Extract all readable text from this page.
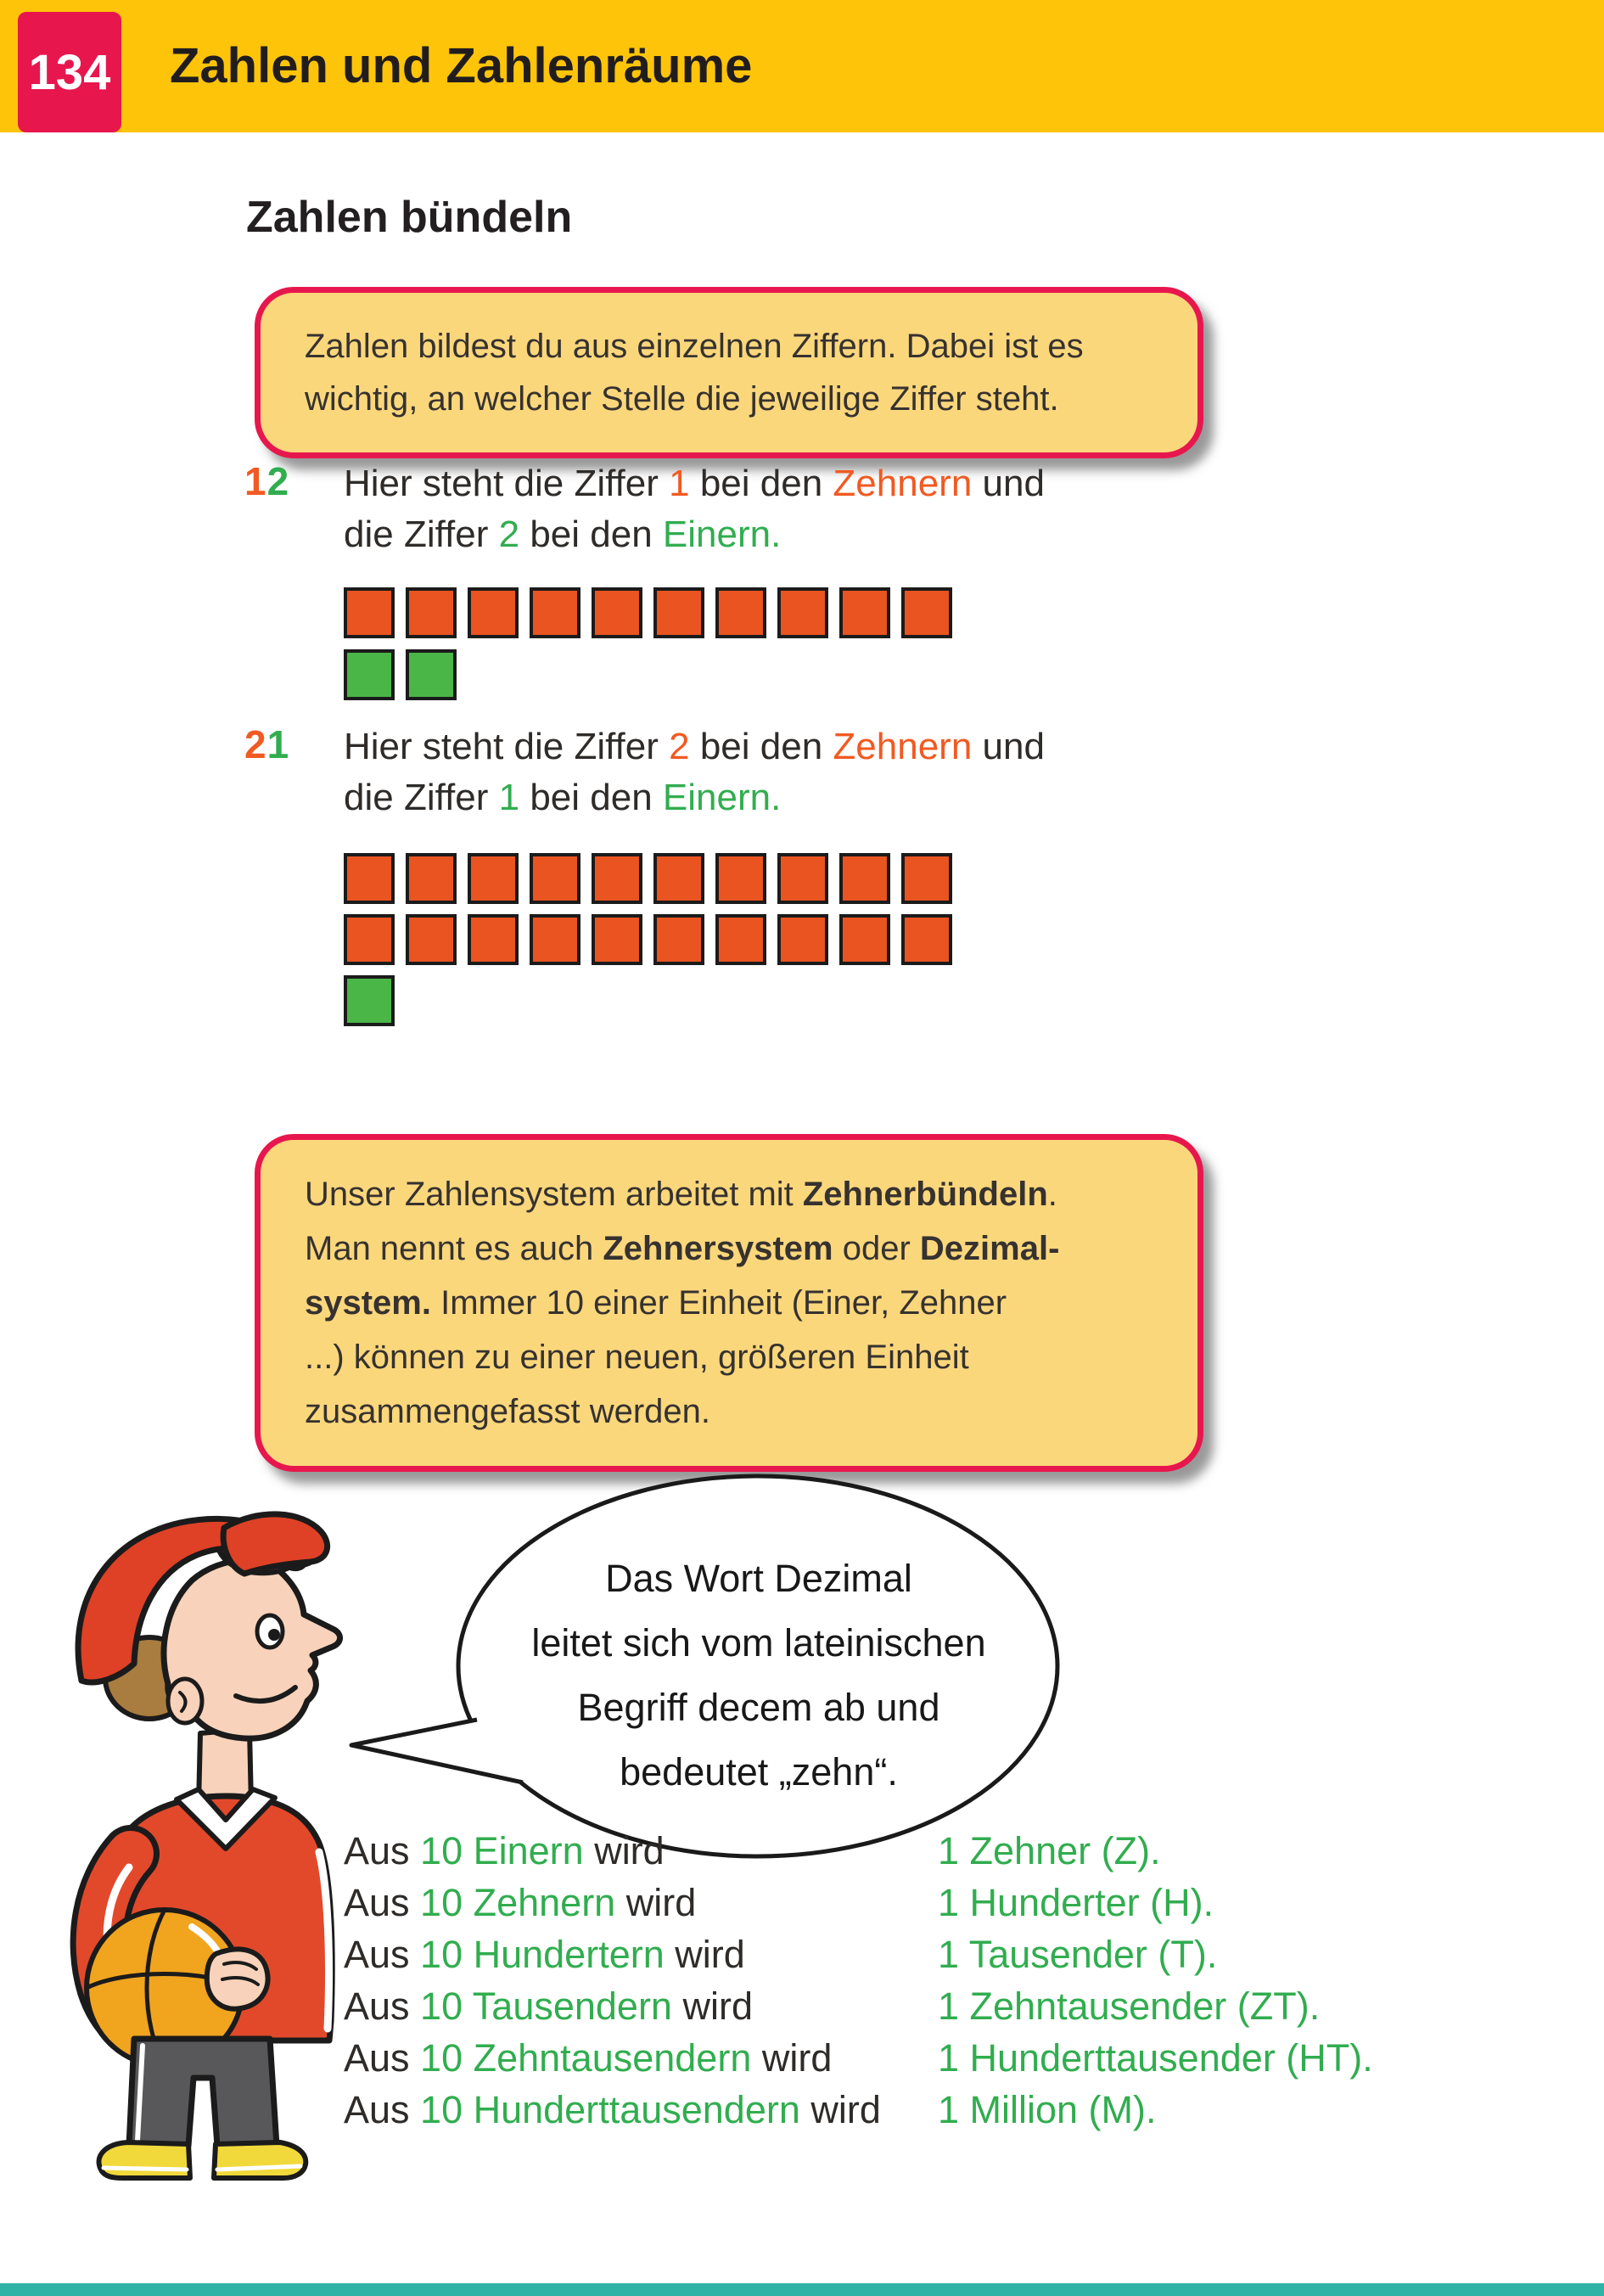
134 Zahlen und Zahlenräume
Zahlen bündeln
Zahlen bildest du aus einzelnen Ziffern. Dabei ist es
wichtig, an welcher Stelle die jeweilige Ziffer steht.
12 Hier steht die Ziffer 1 bei den Zehnern und
die Ziffer 2 bei den Einern.
21 Hier steht die Ziffer 2 bei den Zehnern und
die Ziffer 1 bei den Einern.
Unser Zahlensystem arbeitet mit Zehnerbündeln.
Man nennt es auch Zehnersystem oder Dezimal-
system. Immer 10 einer Einheit (Einer, Zehner
...) können zu einer neuen, größeren Einheit
zusammengefasst werden.
Das Wort Dezimal
leitet sich vom lateinischen
Begriff decem ab und
bedeutet „zehn“.
Aus 10 Einern wird	1 Zehner (Z).
Aus 10 Zehnern wird	1 Hunderter (H).
Aus 10 Hundertern wird	1 Tausender (T).
Aus 10 Tausendern wird	1 Zehntausender (ZT).
Aus 10 Zehntausendern wird	1 Hunderttausender (HT).
Aus 10 Hunderttausendern wird	1 Million (M).
